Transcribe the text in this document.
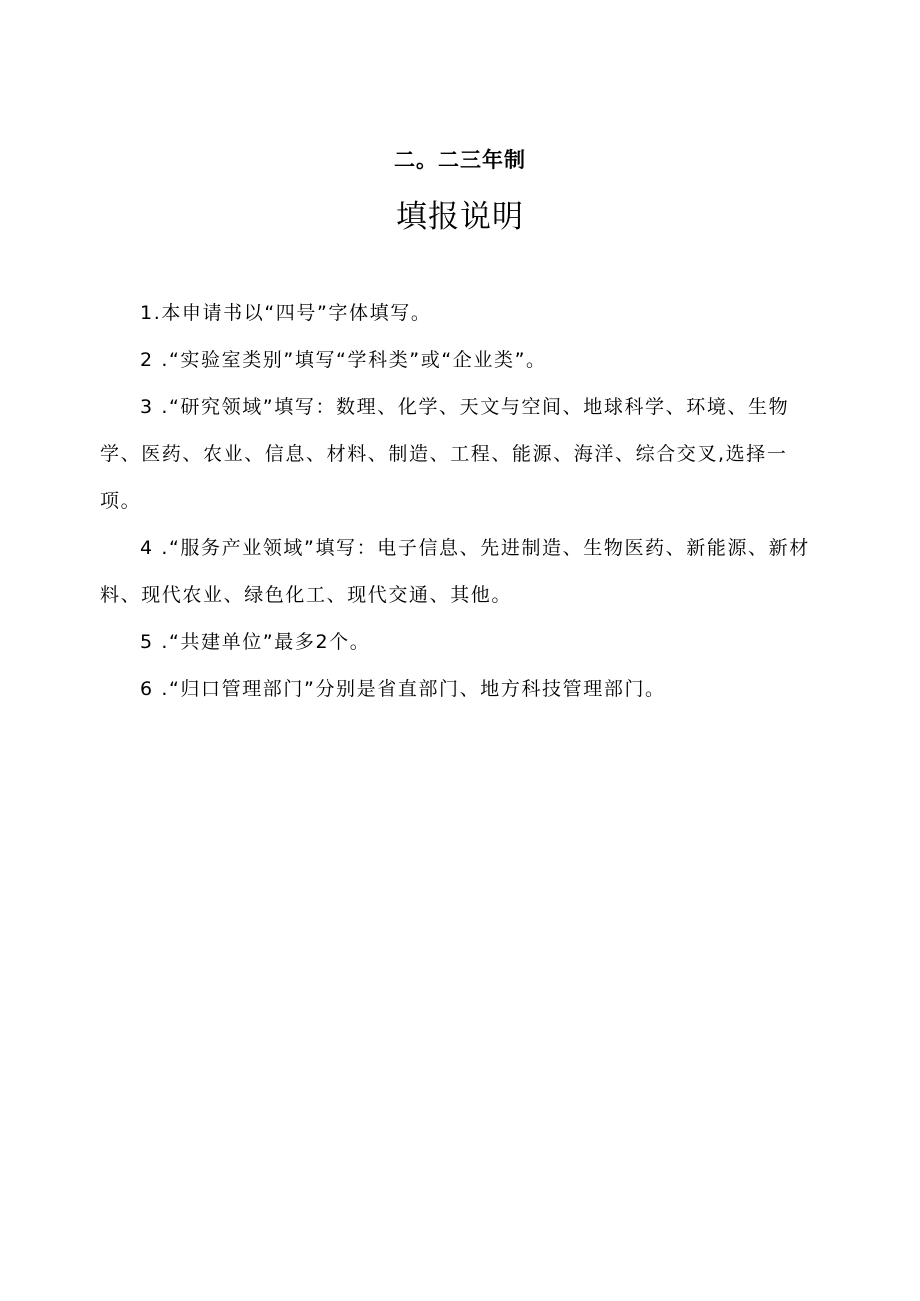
二。二三年制
填报说明
1.本申请书以“四号”字体填写。
2 .“实验室类别”填写“学科类”或“企业类”。
3 .“研究领域”填写：数理、化学、天文与空间、地球科学、环境、生物学、医药、农业、信息、材料、制造、工程、能源、海洋、综合交叉,选择一项。
4 .“服务产业领域”填写：电子信息、先进制造、生物医药、新能源、新材料、现代农业、绿色化工、现代交通、其他。
5 .“共建单位”最多2个。
6 .“归口管理部门”分别是省直部门、地方科技管理部门。
